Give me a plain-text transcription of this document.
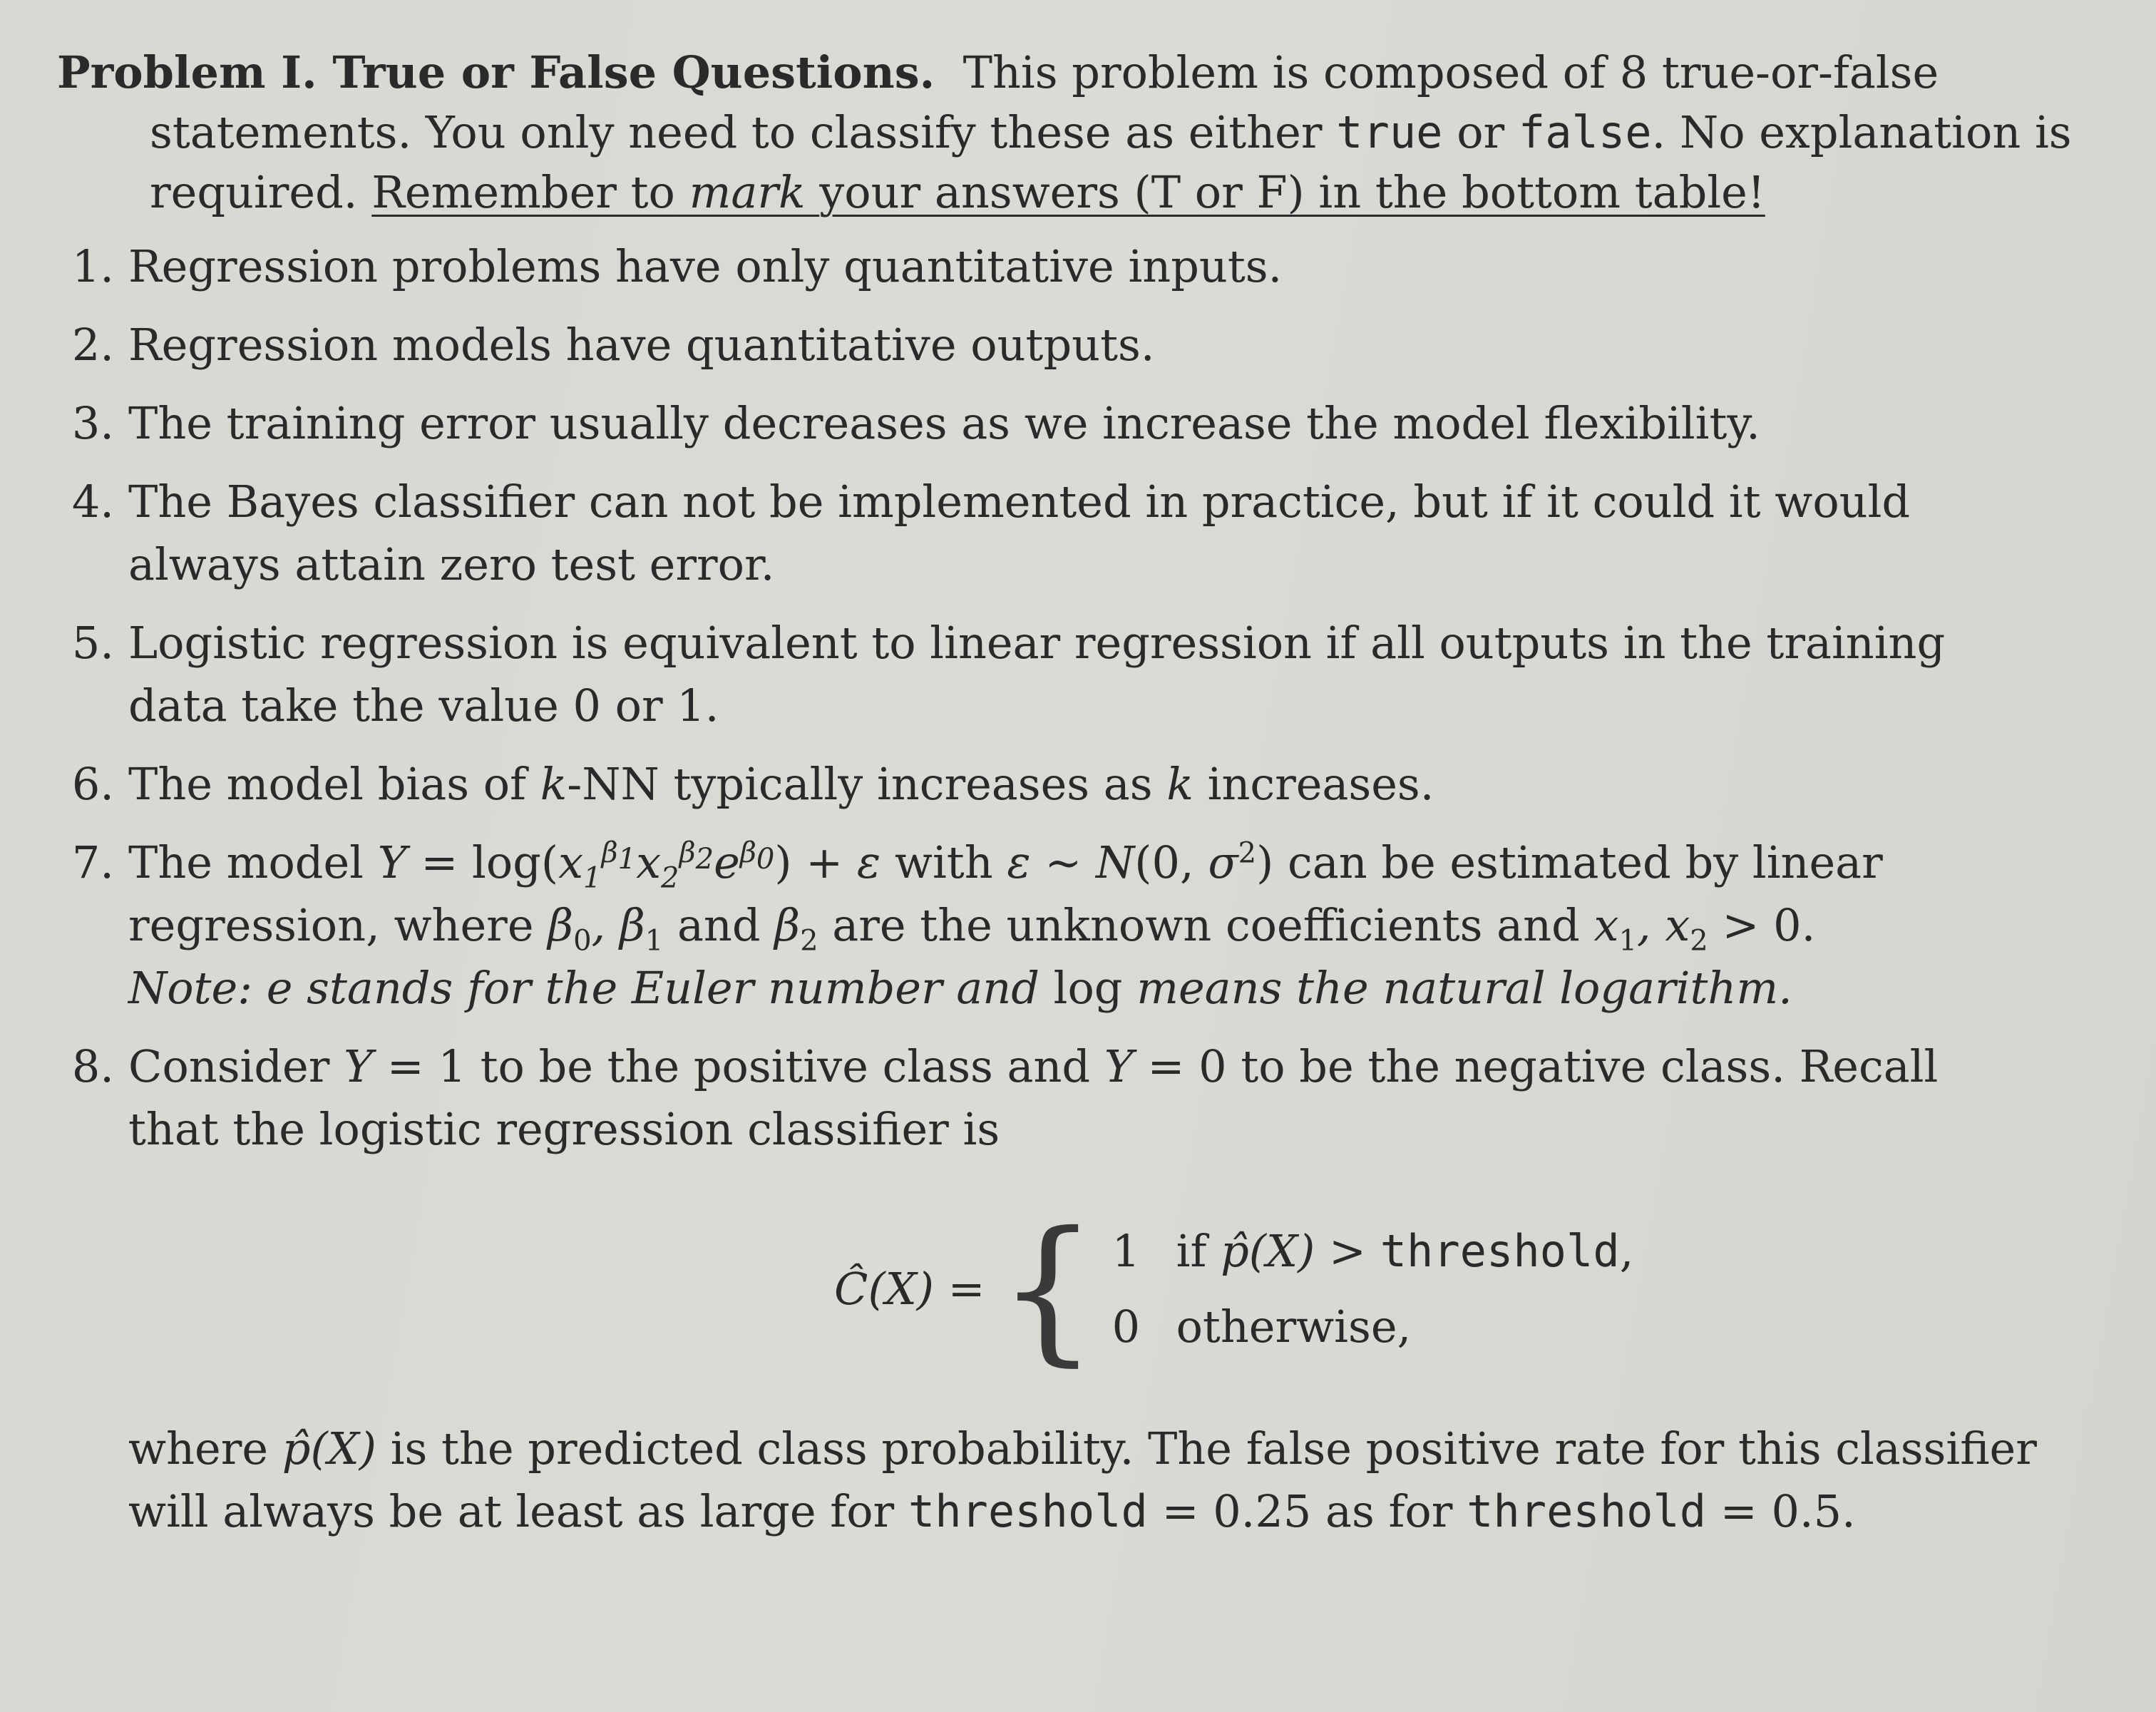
Problem I. True or False Questions. This problem is composed of 8 true-or-false statements. You only need to classify these as either true or false. No explanation is required. Remember to mark your answers (T or F) in the bottom table!

1. Regression problems have only quantitative inputs.
2. Regression models have quantitative outputs.
3. The training error usually decreases as we increase the model flexibility.
4. The Bayes classifier can not be implemented in practice, but if it could it would always attain zero test error.
5. Logistic regression is equivalent to linear regression if all outputs in the training data take the value 0 or 1.
6. The model bias of k-NN typically increases as k increases.
7. The model $Y = \log(x_1^{\beta_1}x_2^{\beta_2}e^{\beta_0}) + \varepsilon$ with ε ~ N(0, $\sigma^2$) can be estimated by linear regression, where $\beta_0$, $\beta_1$ and $\beta_2$ are the unknown coefficients and $x_1$, $x_2 > 0$.
Note: e stands for the Euler number and log means the natural logarithm.
8. Consider Y = 1 to be the positive class and Y = 0 to be the negative class. Recall that the logistic regression classifier is
Ĉ(X) = { 1 if p̂(X) > threshold,
0 otherwise,
where p̂(X) is the predicted class probability. The false positive rate for this classifier will always be at least as large for threshold = 0.25 as for threshold = 0.5.
